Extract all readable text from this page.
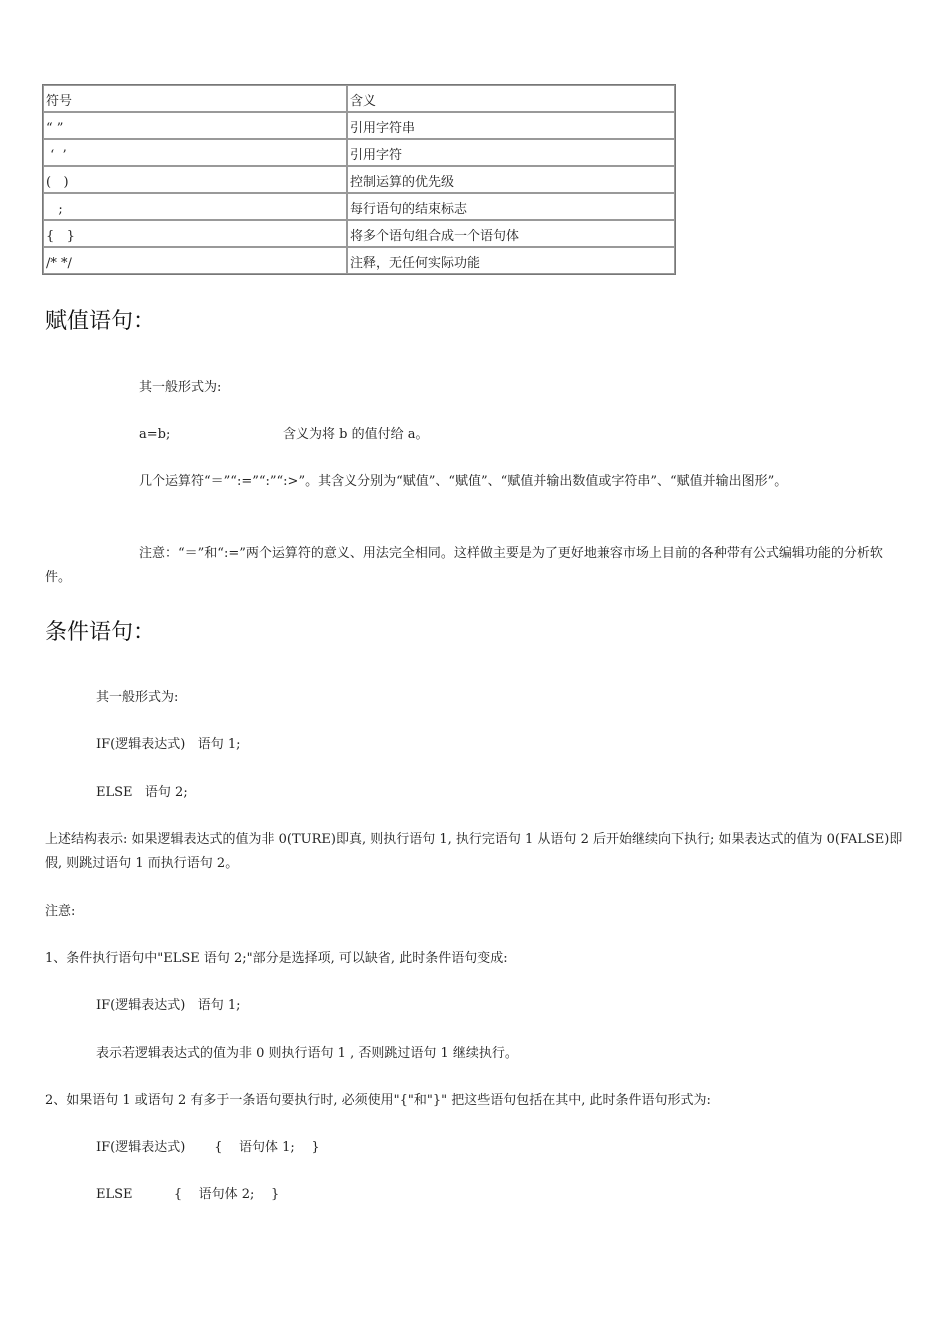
符号	含义
“ ”	引用字符串
‘  ’	引用字符
(   )	控制运算的优先级
;	每行语句的结束标志
{   }	将多个语句组合成一个语句体
/* */	注释，无任何实际功能
赋值语句：
其一般形式为:
a=b;	含义为将 b 的值付给 a。
几个运算符“＝”“:=”“:”“:>”。其含义分别为“赋值”、“赋值”、“赋值并输出数值或字符串”、“赋值并输出图形”。
注意：“＝”和“:=”两个运算符的意义、用法完全相同。这样做主要是为了更好地兼容市场上目前的各种带有公式编辑功能的分析软件。
条件语句：
其一般形式为:
IF(逻辑表达式)   语句 1;
ELSE   语句 2;
上述结构表示: 如果逻辑表达式的值为非 0(TURE)即真, 则执行语句 1, 执行完语句 1 从语句 2 后开始继续向下执行; 如果表达式的值为 0(FALSE)即假, 则跳过语句 1 而执行语句 2。
注意:
1、条件执行语句中"ELSE 语句 2;"部分是选择项, 可以缺省, 此时条件语句变成:
IF(逻辑表达式)   语句 1;
表示若逻辑表达式的值为非 0 则执行语句 1 , 否则跳过语句 1 继续执行。
2、如果语句 1 或语句 2 有多于一条语句要执行时, 必须使用"{"和"}" 把这些语句包括在其中, 此时条件语句形式为:
IF(逻辑表达式)       {    语句体 1;    }
ELSE          {    语句体 2;    }
